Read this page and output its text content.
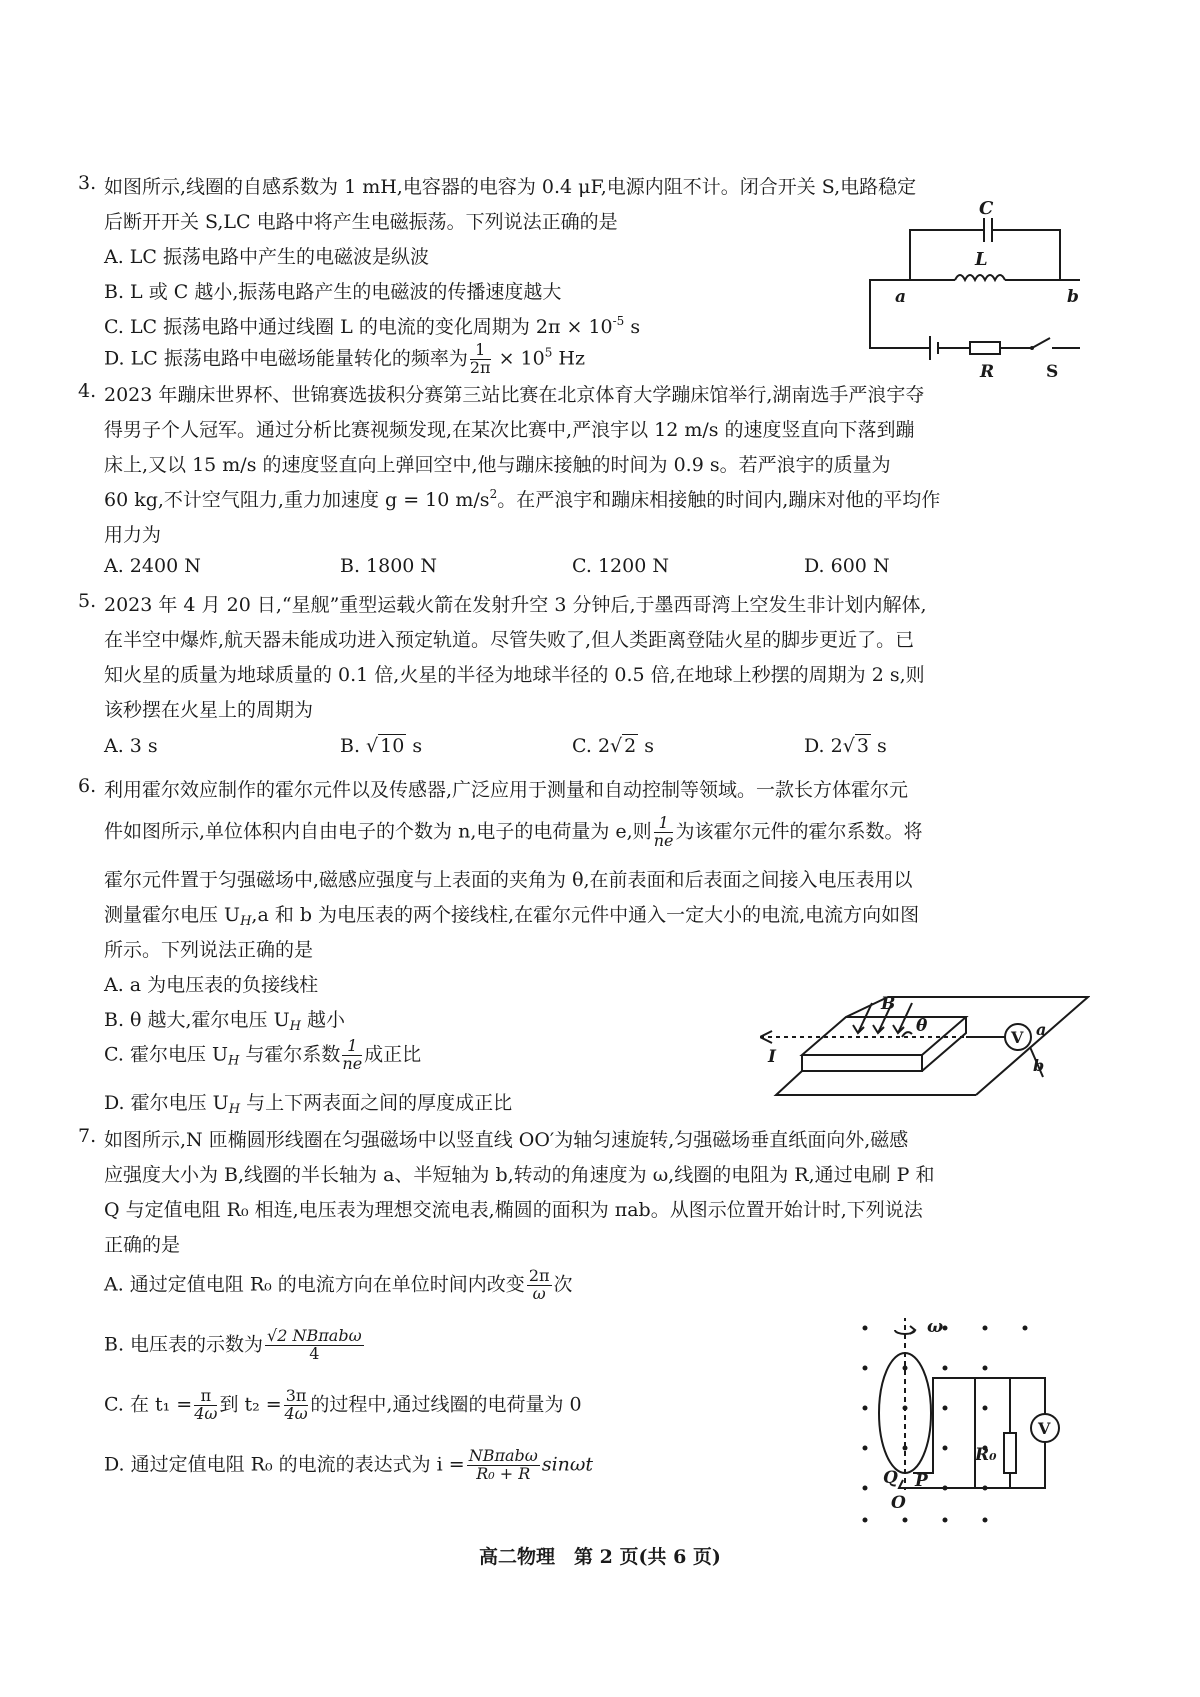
3. 如图所示,线圈的自感系数为 1 mH,电容器的电容为 0.4 μF,电源内阻不计。闭合开关 S,电路稳定
后断开开关 S,LC 电路中将产生电磁振荡。下列说法正确的是
A. LC 振荡电路中产生的电磁波是纵波
B. L 或 C 越小,振荡电路产生的电磁波的传播速度越大
C. LC 振荡电路中通过线圈 L 的电流的变化周期为 $2\pi \times 10^{-5}$ s
D. LC 振荡电路中电磁场能量转化的频率为 $\frac{1}{2\pi} \times 10^5$ Hz
C
L
a	b
R	S
4. 2023 年蹦床世界杯、世锦赛选拔积分赛第三站比赛在北京体育大学蹦床馆举行,湖南选手严浪宇夺
得男子个人冠军。通过分析比赛视频发现,在某次比赛中,严浪宇以 12 m/s 的速度竖直向下落到蹦
床上,又以 15 m/s 的速度竖直向上弹回空中,他与蹦床接触的时间为 0.9 s。若严浪宇的质量为
60 kg,不计空气阻力,重力加速度 g = 10 $m/s^2$。在严浪宇和蹦床相接触的时间内,蹦床对他的平均作
用力为
A. 2400 N	B. 1800 N	C. 1200 N	D. 600 N
5. 2023 年 4 月 20 日,“星舰”重型运载火箭在发射升空 3 分钟后,于墨西哥湾上空发生非计划内解体,
在半空中爆炸,航天器未能成功进入预定轨道。尽管失败了,但人类距离登陆火星的脚步更近了。已
知火星的质量为地球质量的 0.1 倍,火星的半径为地球半径的 0.5 倍,在地球上秒摆的周期为 2 s,则
该秒摆在火星上的周期为
A. 3 s	B. √ 10 s	C. 2√ 2 s	D. 2√ 3 s
6. 利用霍尔效应制作的霍尔元件以及传感器,广泛应用于测量和自动控制等领域。一款长方体霍尔元
件如图所示,单位体积内自由电子的个数为 n,电子的电荷量为 e,则 $\frac{1}{ne}$ 为该霍尔元件的霍尔系数。将
霍尔元件置于匀强磁场中,磁感应强度与上表面的夹角为 θ,在前表面和后表面之间接入电压表用以
测量霍尔电压 $U_H,a$ 和 b 为电压表的两个接线柱,在霍尔元件中通入一定大小的电流,电流方向如图
所示。下列说法正确的是
A. a 为电压表的负接线柱
B. θ 越大,霍尔电压 $U_H$ 越小
C. 霍尔电压 $U_H$ 与霍尔系数 $\frac{1}{ne}$ 成正比
D. 霍尔电压 $U_H$ 与上下两表面之间的厚度成正比
V
B
θ
I
a
b
7. 如图所示,N 匝椭圆形线圈在匀强磁场中以竖直线 OO′为轴匀速旋转,匀强磁场垂直纸面向外,磁感
应强度大小为 B,线圈的半长轴为 a、半短轴为 b,转动的角速度为 ω,线圈的电阻为 R,通过电刷 P 和
Q 与定值电阻 R₀ 相连,电压表为理想交流电表,椭圆的面积为 πab。从图示位置开始计时,下列说法
正确的是
A. 通过定值电阻 R₀ 的电流方向在单位时间内改变 $\frac{2\pi}{\omega}$ 次
B. 电压表的示数为 $\frac{\text{√2 NBπabω}}{4}$
C. 在 $t_1 = \frac{\pi}{4\omega}$ 到 $t_2 = \frac{3\pi}{4\omega}$ 的过程中,通过线圈的电荷量为 0
D. 通过定值电阻 R₀ 的电流的表达式为 $i = \frac{\text{NBπabω}}{\text{R₀ + R}}$ sinωt
V
ω
R₀
Q P
O
高二物理　第 2 页(共 6 页)
